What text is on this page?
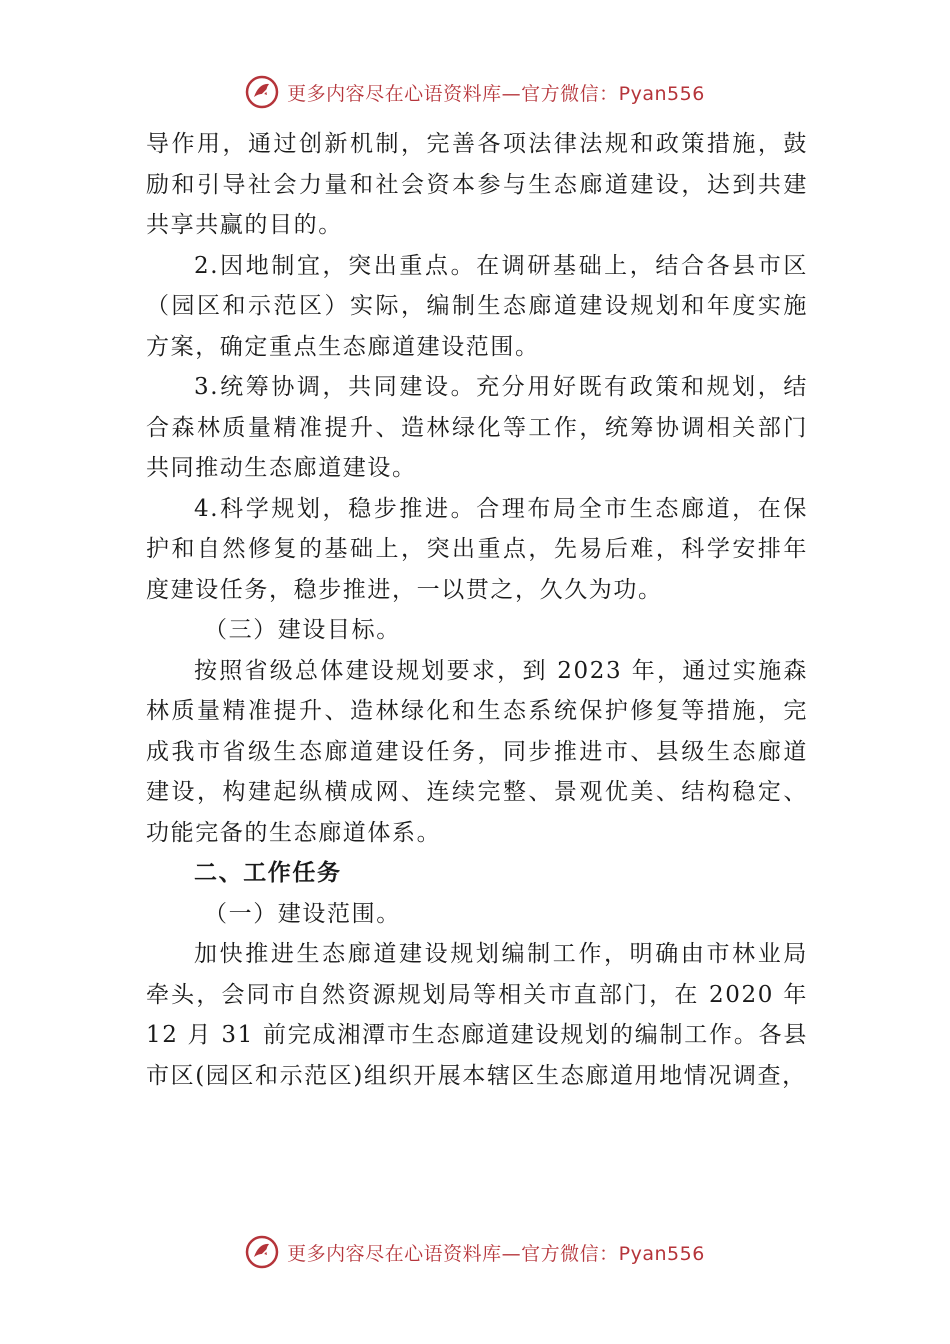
更多内容尽在心语资料库—官方微信：Pyan556

导作用，通过创新机制，完善各项法律法规和政策措施，鼓励和引导社会力量和社会资本参与生态廊道建设，达到共建共享共赢的目的。

2.因地制宜，突出重点。在调研基础上，结合各县市区（园区和示范区）实际，编制生态廊道建设规划和年度实施方案，确定重点生态廊道建设范围。

3.统筹协调，共同建设。充分用好既有政策和规划，结合森林质量精准提升、造林绿化等工作，统筹协调相关部门共同推动生态廊道建设。

4.科学规划，稳步推进。合理布局全市生态廊道，在保护和自然修复的基础上，突出重点，先易后难，科学安排年度建设任务，稳步推进，一以贯之，久久为功。

（三）建设目标。

按照省级总体建设规划要求，到 2023 年，通过实施森林质量精准提升、造林绿化和生态系统保护修复等措施，完成我市省级生态廊道建设任务，同步推进市、县级生态廊道建设，构建起纵横成网、连续完整、景观优美、结构稳定、功能完备的生态廊道体系。

二、工作任务

（一）建设范围。

加快推进生态廊道建设规划编制工作，明确由市林业局牵头，会同市自然资源规划局等相关市直部门，在 2020 年 12 月 31 前完成湘潭市生态廊道建设规划的编制工作。各县市区(园区和示范区)组织开展本辖区生态廊道用地情况调查，

更多内容尽在心语资料库—官方微信：Pyan556
